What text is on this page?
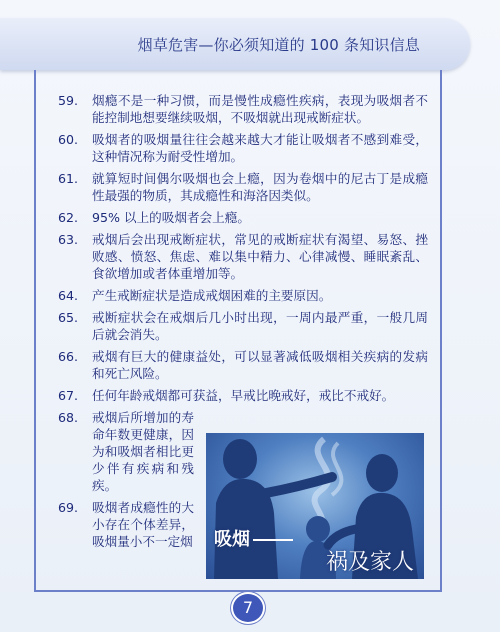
烟草危害—你必须知道的 100 条知识信息
59.	烟瘾不是一种习惯，而是慢性成瘾性疾病，表现为吸烟者不能控制地想要继续吸烟，不吸烟就出现戒断症状。
60.	吸烟者的吸烟量往往会越来越大才能让吸烟者不感到难受，这种情况称为耐受性增加。
61.	就算短时间偶尔吸烟也会上瘾，因为卷烟中的尼古丁是成瘾性最强的物质，其成瘾性和海洛因类似。
62.	95% 以上的吸烟者会上瘾。
63.	戒烟后会出现戒断症状，常见的戒断症状有渴望、易怒、挫败感、愤怒、焦虑、难以集中精力、心律减慢、睡眠紊乱、食欲增加或者体重增加等。
64.	产生戒断症状是造成戒烟困难的主要原因。
65.	戒断症状会在戒烟后几小时出现，一周内最严重，一般几周后就会消失。
66.	戒烟有巨大的健康益处，可以显著减低吸烟相关疾病的发病和死亡风险。
67.	任何年龄戒烟都可获益，早戒比晚戒好，戒比不戒好。
68.	戒烟后所增加的寿命年数更健康，因为和吸烟者相比更少伴有疾病和残疾。
69.	吸烟者成瘾性的大小存在个体差异，吸烟量小不一定烟 吸烟
祸及家人
7
